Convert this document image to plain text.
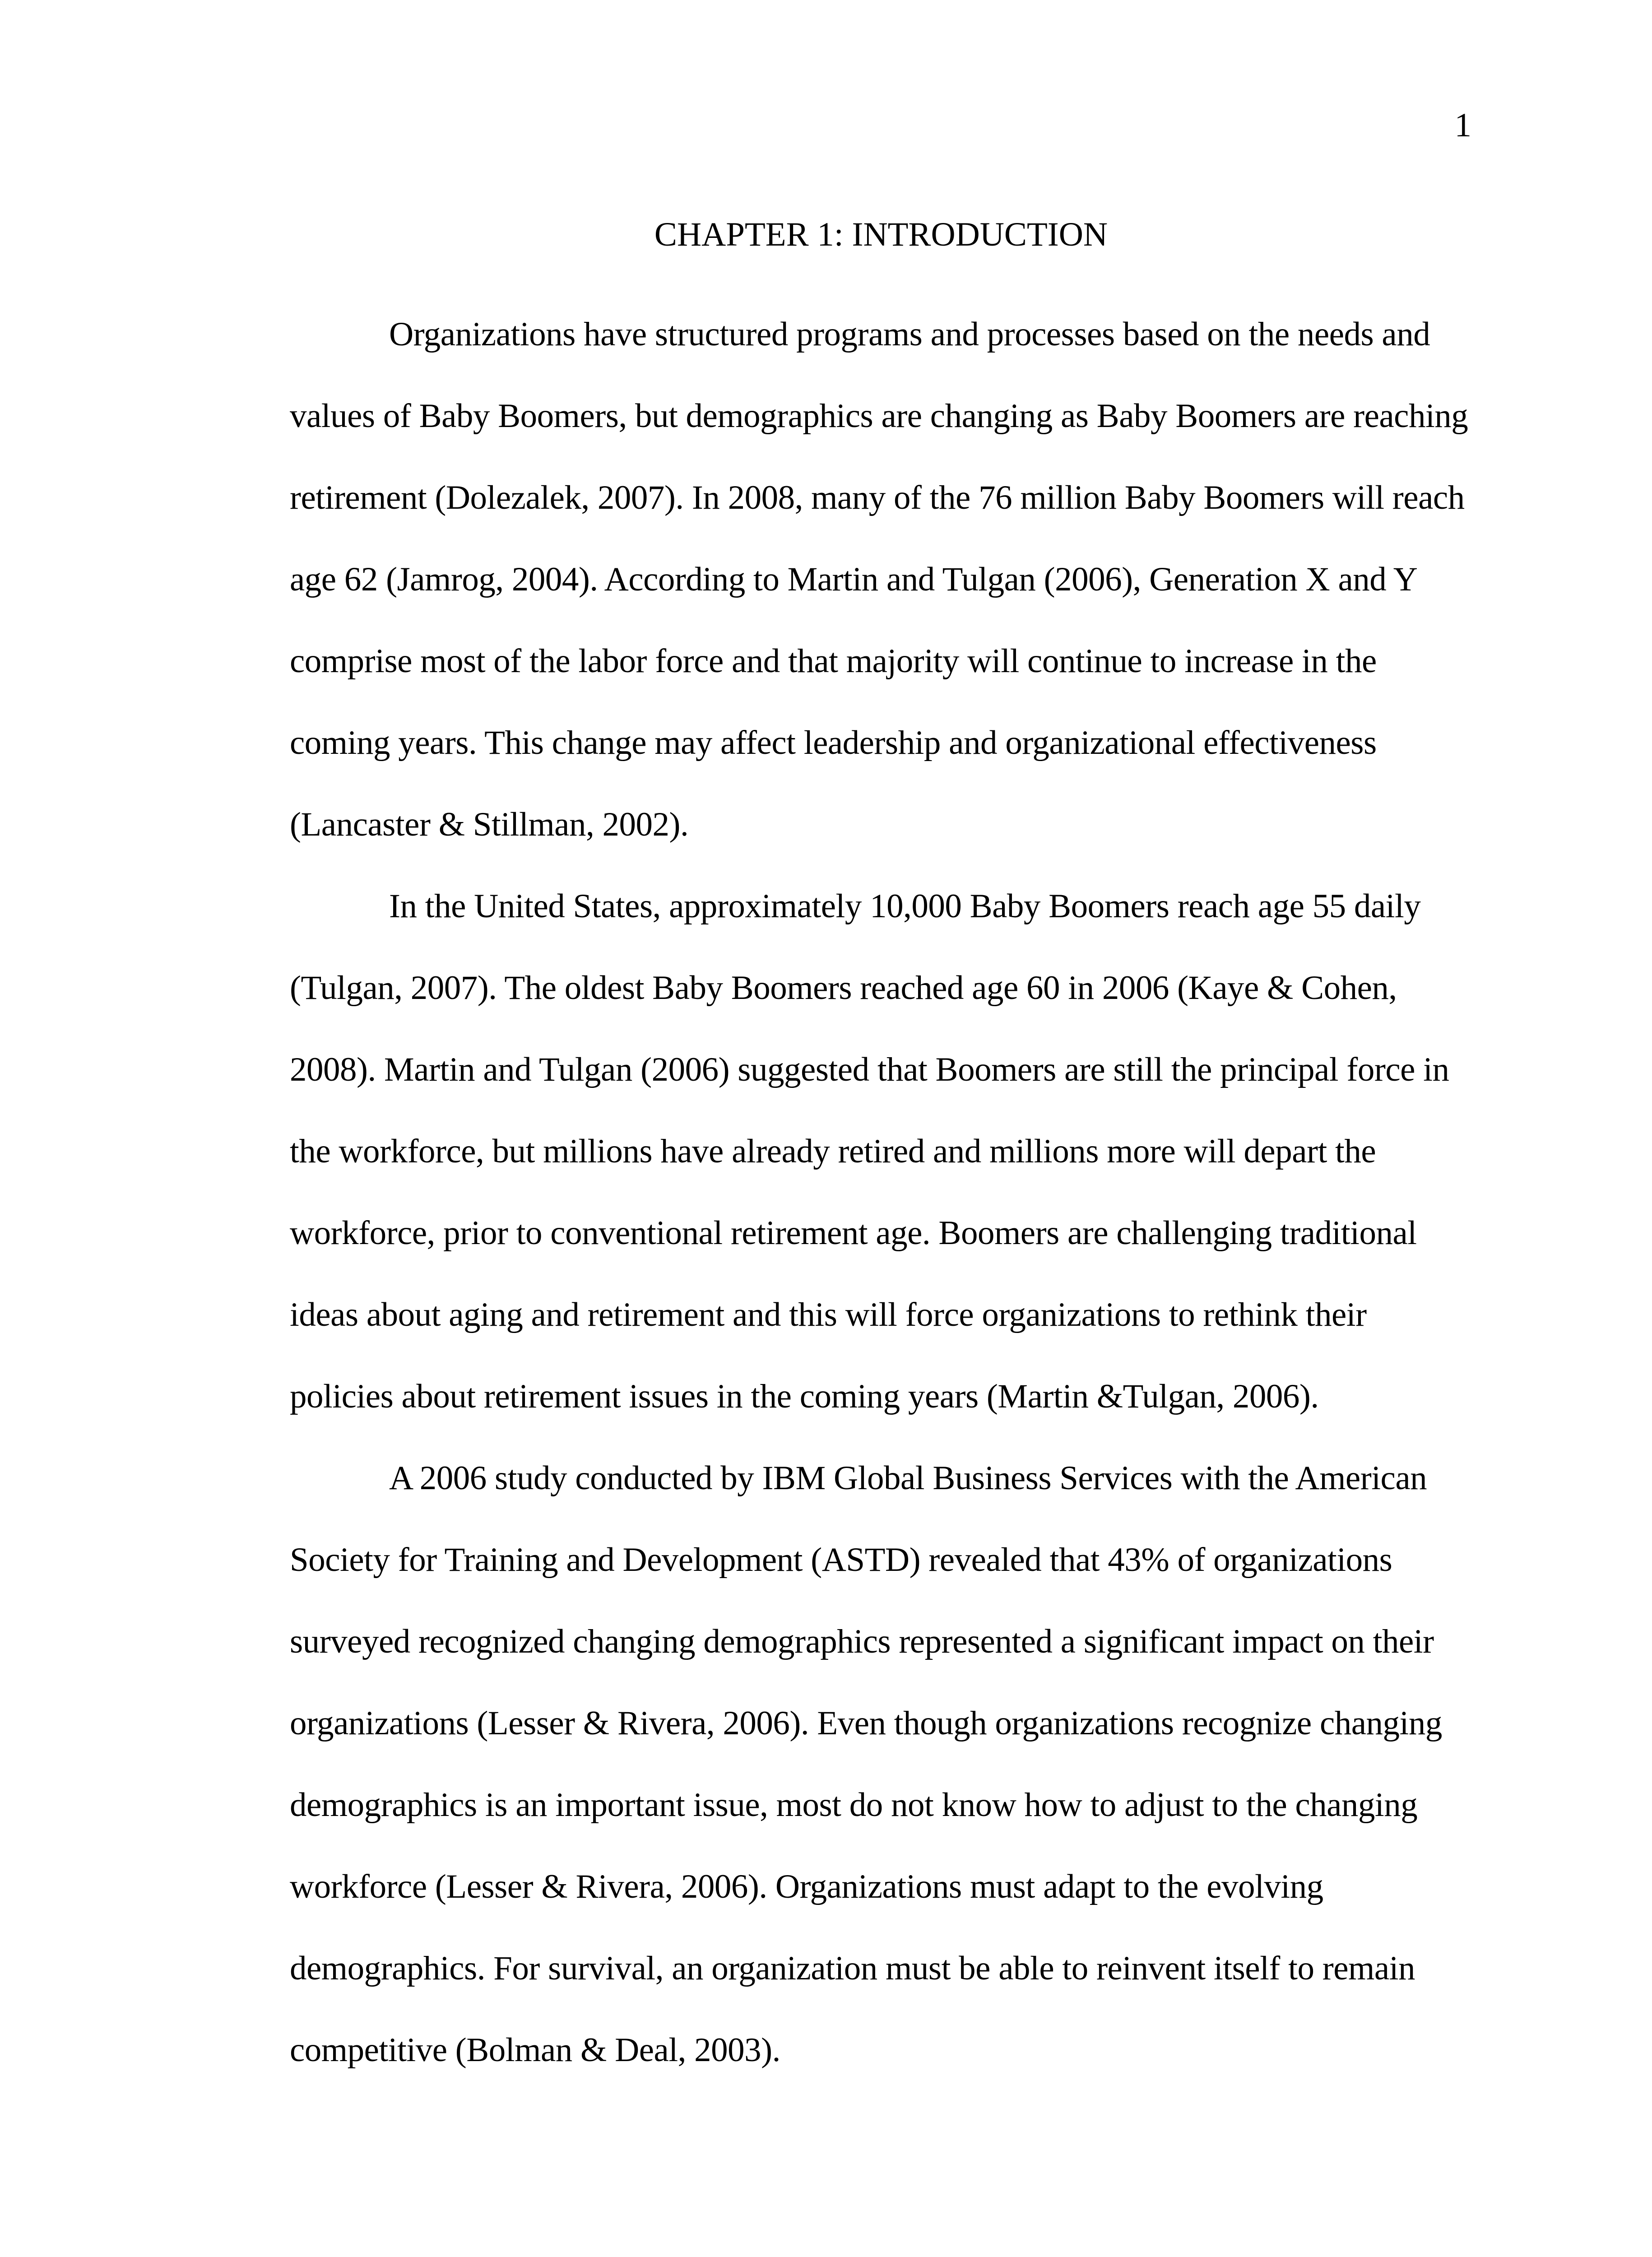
1
CHAPTER 1: INTRODUCTION

Organizations have structured programs and processes based on the needs and values of Baby Boomers, but demographics are changing as Baby Boomers are reaching retirement (Dolezalek, 2007). In 2008, many of the 76 million Baby Boomers will reach age 62 (Jamrog, 2004). According to Martin and Tulgan (2006), Generation X and Y comprise most of the labor force and that majority will continue to increase in the coming years. This change may affect leadership and organizational effectiveness (Lancaster & Stillman, 2002).

In the United States, approximately 10,000 Baby Boomers reach age 55 daily (Tulgan, 2007). The oldest Baby Boomers reached age 60 in 2006 (Kaye & Cohen, 2008). Martin and Tulgan (2006) suggested that Boomers are still the principal force in the workforce, but millions have already retired and millions more will depart the workforce, prior to conventional retirement age. Boomers are challenging traditional ideas about aging and retirement and this will force organizations to rethink their policies about retirement issues in the coming years (Martin &Tulgan, 2006).

A 2006 study conducted by IBM Global Business Services with the American Society for Training and Development (ASTD) revealed that 43% of organizations surveyed recognized changing demographics represented a significant impact on their organizations (Lesser & Rivera, 2006). Even though organizations recognize changing demographics is an important issue, most do not know how to adjust to the changing workforce (Lesser & Rivera, 2006). Organizations must adapt to the evolving demographics. For survival, an organization must be able to reinvent itself to remain competitive (Bolman & Deal, 2003).
